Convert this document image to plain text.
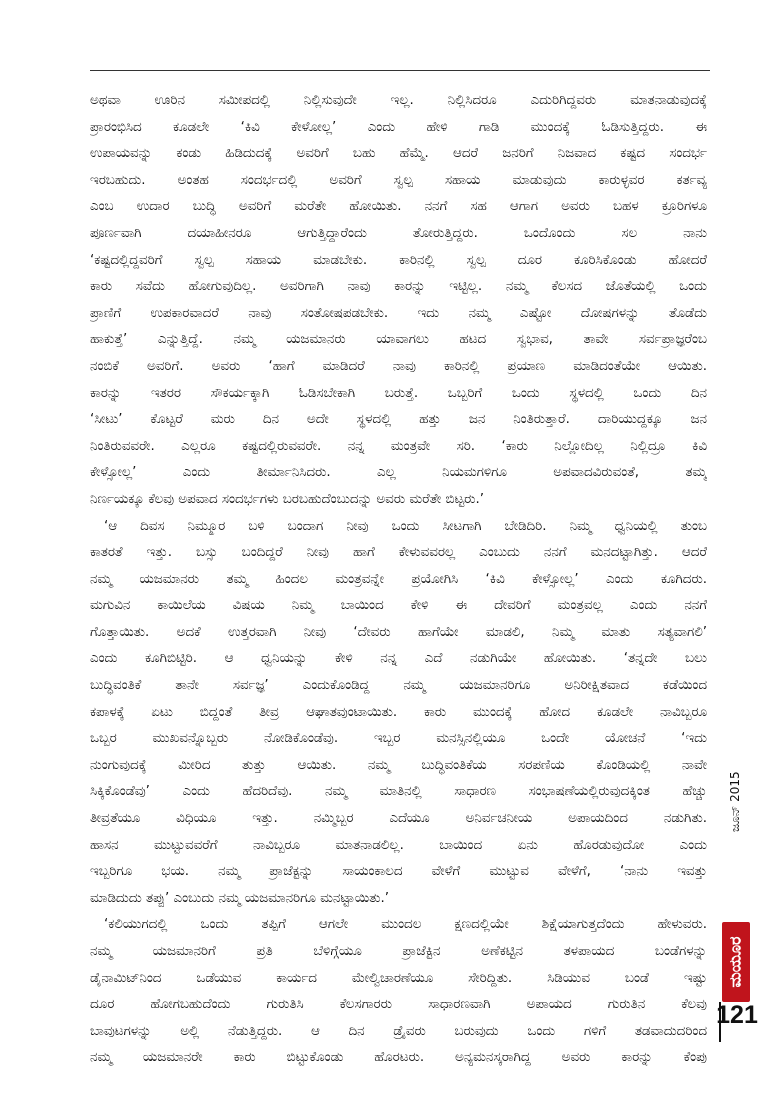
ಅಥವಾ ಊರಿನ ಸಮೀಪದಲ್ಲಿ ನಿಲ್ಲಿಸುವುದೇ ಇಲ್ಲ. ನಿಲ್ಲಿಸಿದರೂ ಎದುರಿಗಿದ್ದವರು ಮಾತನಾಡುವುದಕ್ಕೆ
ಪ್ರಾರಂಭಿಸಿದ ಕೂಡಲೇ ‘ಕಿವಿ ಕೇಳೋಲ್ಲ’ ಎಂದು ಹೇಳಿ ಗಾಡಿ ಮುಂದಕ್ಕೆ ಓಡಿಸುತ್ತಿದ್ದರು. ಈ
ಉಪಾಯವನ್ನು ಕಂಡು ಹಿಡಿದುದಕ್ಕೆ ಅವರಿಗೆ ಬಹು ಹೆಮ್ಮೆ. ಆದರೆ ಜನರಿಗೆ ನಿಜವಾದ ಕಷ್ಟದ ಸಂದರ್ಭ
ಇರಬಹುದು. ಅಂತಹ ಸಂದರ್ಭದಲ್ಲಿ ಅವರಿಗೆ ಸ್ವಲ್ಪ ಸಹಾಯ ಮಾಡುವುದು ಕಾರುಳ್ಳವರ ಕರ್ತವ್ಯ
ಎಂಬ ಉದಾರ ಬುದ್ಧಿ ಅವರಿಗೆ ಮರೆತೇ ಹೋಯಿತು. ನನಗೆ ಸಹ ಆಗಾಗ ಅವರು ಬಹಳ ಕ್ರೂರಿಗಳೂ
ಪೂರ್ಣವಾಗಿ ದಯಾಹೀನರೂ ಆಗುತ್ತಿದ್ದಾರೆಂದು ತೋರುತ್ತಿದ್ದರು. ಒಂದೊಂದು ಸಲ ನಾನು
‘ಕಷ್ಟದಲ್ಲಿದ್ದವರಿಗೆ ಸ್ವಲ್ಪ ಸಹಾಯ ಮಾಡಬೇಕು. ಕಾರಿನಲ್ಲಿ ಸ್ವಲ್ಪ ದೂರ ಕೂರಿಸಿಕೊಂಡು ಹೋದರೆ
ಕಾರು ಸವೆದು ಹೋಗುವುದಿಲ್ಲ. ಅವರಿಗಾಗಿ ನಾವು ಕಾರನ್ನು ಇಟ್ಟಿಲ್ಲ. ನಮ್ಮ ಕೆಲಸದ ಜೊತೆಯಲ್ಲಿ ಒಂದು
ಪ್ರಾಣಿಗೆ ಉಪಕಾರವಾದರೆ ನಾವು ಸಂತೋಷಪಡಬೇಕು. ಇದು ನಮ್ಮ ಎಷ್ಟೋ ದೋಷಗಳನ್ನು ತೊಡೆದು
ಹಾಕುತ್ತೆ’ ಎನ್ನುತ್ತಿದ್ದೆ. ನಮ್ಮ ಯಜಮಾನರು ಯಾವಾಗಲು ಹಟದ ಸ್ವಭಾವ, ತಾವೇ ಸರ್ವಪ್ರಾಜ್ಞರೆಂಬ
ನಂಬಿಕೆ ಅವರಿಗೆ. ಅವರು ‘ಹಾಗೆ ಮಾಡಿದರೆ ನಾವು ಕಾರಿನಲ್ಲಿ ಪ್ರಯಾಣ ಮಾಡಿದಂತೆಯೇ ಆಯಿತು.
ಕಾರನ್ನು ಇತರರ ಸೌಕರ್ಯಕ್ಕಾಗಿ ಓಡಿಸಬೇಕಾಗಿ ಬರುತ್ತೆ. ಒಬ್ಬರಿಗೆ ಒಂದು ಸ್ಥಳದಲ್ಲಿ ಒಂದು ದಿನ
‘ಸೀಟು’ ಕೊಟ್ಟರೆ ಮರು ದಿನ ಅದೇ ಸ್ಥಳದಲ್ಲಿ ಹತ್ತು ಜನ ನಿಂತಿರುತ್ತಾರೆ. ದಾರಿಯುದ್ದಕ್ಕೂ ಜನ
ನಿಂತಿರುವವರೇ. ಎಲ್ಲರೂ ಕಷ್ಟದಲ್ಲಿರುವವರೇ. ನನ್ನ ಮಂತ್ರವೇ ಸರಿ. ‘ಕಾರು ನಿಲ್ಲೋದಿಲ್ಲ ನಿಲ್ಲಿದ್ರೂ ಕಿವಿ
ಕೇಳ್ಸೋಲ್ಲ’ ಎಂದು ತೀರ್ಮಾನಿಸಿದರು. ಎಲ್ಲ ನಿಯಮಗಳಿಗೂ ಅಪವಾದವಿರುವಂತೆ, ತಮ್ಮ
ನಿರ್ಣಯಕ್ಕೂ ಕೆಲವು ಅಪವಾದ ಸಂದರ್ಭಗಳು ಬರಬಹುದೆಂಬುದನ್ನು ಅವರು ಮರೆತೇ ಬಿಟ್ಟರು.’
‘ಆ ದಿವಸ ನಿಮ್ಮೂರ ಬಳಿ ಬಂದಾಗ ನೀವು ಒಂದು ಸೀಟಗಾಗಿ ಬೇಡಿದಿರಿ. ನಿಮ್ಮ ಧ್ವನಿಯಲ್ಲಿ ತುಂಬ
ಕಾತರತೆ ಇತ್ತು. ಬಸ್ಸು ಬಂದಿದ್ದರೆ ನೀವು ಹಾಗೆ ಕೇಳುವವರಲ್ಲ ಎಂಬುದು ನನಗೆ ಮನದಟ್ಟಾಗಿತ್ತು. ಆದರೆ
ನಮ್ಮ ಯಜಮಾನರು ತಮ್ಮ ಹಿಂದಲ ಮಂತ್ರವನ್ನೇ ಪ್ರಯೋಗಿಸಿ ‘ಕಿವಿ ಕೇಳ್ಸೋಲ್ಲ’ ಎಂದು ಕೂಗಿದರು.
ಮಗುವಿನ ಕಾಯಿಲೆಯ ವಿಷಯ ನಿಮ್ಮ ಬಾಯಿಂದ ಕೇಳಿ ಈ ದೇವರಿಗೆ ಮಂತ್ರವಲ್ಲ ಎಂದು ನನಗೆ
ಗೊತ್ತಾಯಿತು. ಅದಕೆ ಉತ್ತರವಾಗಿ ನೀವು ‘ದೇವರು ಹಾಗೆಯೇ ಮಾಡಲಿ, ನಿಮ್ಮ ಮಾತು ಸತ್ಯವಾಗಲಿ’
ಎಂದು ಕೂಗಿಬಿಟ್ಟಿರಿ. ಆ ಧ್ವನಿಯನ್ನು ಕೇಳಿ ನನ್ನ ಎದೆ ನಡುಗಿಯೇ ಹೋಯಿತು. ‘ತನ್ನದೇ ಬಲು
ಬುದ್ಧಿವಂತಿಕೆ ತಾನೇ ಸರ್ವಜ್ಞ’ ಎಂದುಕೊಂಡಿದ್ದ ನಮ್ಮ ಯಜಮಾನರಿಗೂ ಅನಿರೀಕ್ಷಿತವಾದ ಕಡೆಯಿಂದ
ಕಪಾಳಕ್ಕೆ ಏಟು ಬಿದ್ದಂತೆ ತೀವ್ರ ಆಘಾತವುಂಟಾಯಿತು. ಕಾರು ಮುಂದಕ್ಕೆ ಹೋದ ಕೂಡಲೇ ನಾವಿಬ್ಬರೂ
ಒಬ್ಬರ ಮುಖವನ್ನೊಬ್ಬರು ನೋಡಿಕೊಂಡೆವು. ಇಬ್ಬರ ಮನಸ್ಸಿನಲ್ಲಿಯೂ ಒಂದೇ ಯೋಚನೆ ‘ಇದು
ನುಂಗುವುದಕ್ಕೆ ಮೀರಿದ ತುತ್ತು ಆಯಿತು. ನಮ್ಮ ಬುದ್ಧಿವಂತಿಕೆಯ ಸರಪಣಿಯ ಕೊಂಡಿಯಲ್ಲಿ ನಾವೇ
ಸಿಕ್ಕಿಕೊಂಡೆವು’ ಎಂದು ಹೆದರಿದೆವು. ನಮ್ಮ ಮಾತಿನಲ್ಲಿ ಸಾಧಾರಣ ಸಂಭಾಷಣೆಯಲ್ಲಿರುವುದಕ್ಕಿಂತ ಹೆಚ್ಚು
ತೀವ್ರತೆಯೂ ವಿಧಿಯೂ ಇತ್ತು. ನಮ್ಮಿಬ್ಬರ ಎದೆಯೂ ಅನಿರ್ವಚನೀಯ ಅಪಾಯದಿಂದ ನಡುಗಿತು.
ಹಾಸನ ಮುಟ್ಟುವವರೆಗೆ ನಾವಿಬ್ಬರೂ ಮಾತನಾಡಲಿಲ್ಲ. ಬಾಯಿಂದ ಏನು ಹೊರಡುವುದೋ ಎಂದು
ಇಬ್ಬರಿಗೂ ಭಯ. ನಮ್ಮ ಪ್ರಾಜೆಕ್ಟನ್ನು ಸಾಯಂಕಾಲದ ವೇಳೆಗೆ ಮುಟ್ಟುವ ವೇಳೆಗೆ, ‘ನಾನು ಇವತ್ತು
ಮಾಡಿದುದು ತಪ್ಪು’ ಎಂಬುದು ನಮ್ಮ ಯಜಮಾನರಿಗೂ ಮನಟ್ಟಾಯಿತು.’
‘ಕಲಿಯುಗದಲ್ಲಿ ಒಂದು ತಪ್ಪಿಗೆ ಆಗಲೇ ಮುಂದಲ ಕ್ಷಣದಲ್ಲಿಯೇ ಶಿಕ್ಷೆಯಾಗುತ್ತದೆಂದು ಹೇಳುವರು.
ನಮ್ಮ ಯಜಮಾನರಿಗೆ ಪ್ರತಿ ಬೆಳಿಗ್ಗೆಯೂ ಪ್ರಾಜೆಕ್ಟಿನ ಅಣೆಕಟ್ಟಿನ ತಳಪಾಯದ ಬಂಡೆಗಳನ್ನು
ಡೈನಾಮಿಟ್‌ನಿಂದ ಒಡೆಯುವ ಕಾರ್ಯದ ಮೇಲ್ವಿಚಾರಣೆಯೂ ಸೇರಿದ್ದಿತು. ಸಿಡಿಯುವ ಬಂಡೆ ಇಷ್ಟು
ದೂರ ಹೋಗಬಹುದೆಂದು ಗುರುತಿಸಿ ಕೆಲಸಗಾರರು ಸಾಧಾರಣವಾಗಿ ಅಪಾಯದ ಗುರುತಿನ ಕೆಲವು
ಬಾವುಟಗಳನ್ನು ಅಲ್ಲಿ ನೆಡುತ್ತಿದ್ದರು. ಆ ದಿನ ಡ್ರೈವರು ಬರುವುದು ಒಂದು ಗಳಿಗೆ ತಡವಾದುದರಿಂದ
ನಮ್ಮ ಯಜಮಾನರೇ ಕಾರು ಬಿಟ್ಟುಕೊಂಡು ಹೊರಟರು. ಅನ್ಯಮನಸ್ಕರಾಗಿದ್ದ ಅವರು ಕಾರನ್ನು ಕೆಂಪು
ಜೂನ್ 2015
ಮಯೂರ
121
